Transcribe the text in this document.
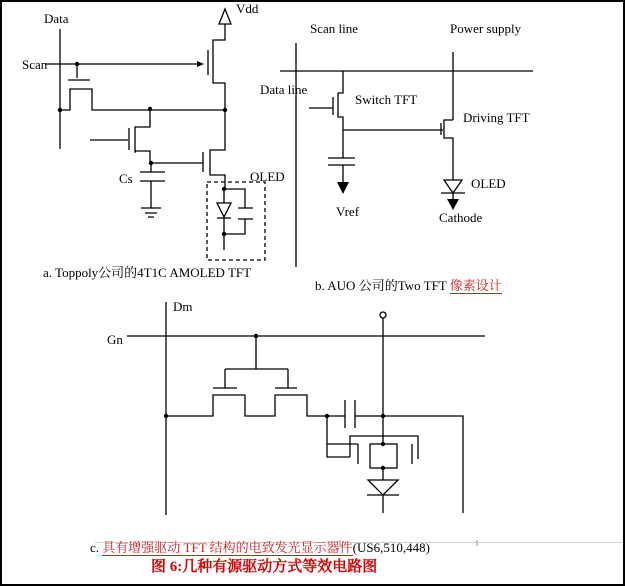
Data
Scan
Vdd
Cs	OLED
Scan line	Power supply
Data line
Switch TFT
Driving TFT
Vref
OLED
Cathode
Dm
Gn
a. Toppoly公司的4T1C AMOLED TFT

b. AUO 公司的Two TFT 像素设计

c. 具有增强驱动 TFT 结构的电致发光显示器件(US6,510,448)

图 6:几种有源驱动方式等效电路图
